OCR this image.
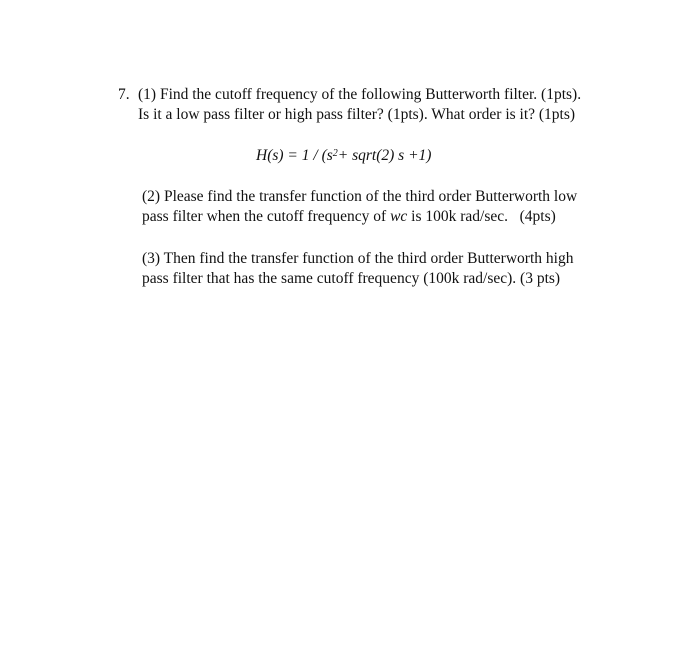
7. (1) Find the cutoff frequency of the following Butterworth filter. (1pts).
Is it a low pass filter or high pass filter? (1pts). What order is it? (1pts)
$H(s) = 1 / (s^2+$ sqrt(2) s +1)
(2) Please find the transfer function of the third order Butterworth low
pass filter when the cutoff frequency of wc is 100k rad/sec.   (4pts)
(3) Then find the transfer function of the third order Butterworth high
pass filter that has the same cutoff frequency (100k rad/sec). (3 pts)
